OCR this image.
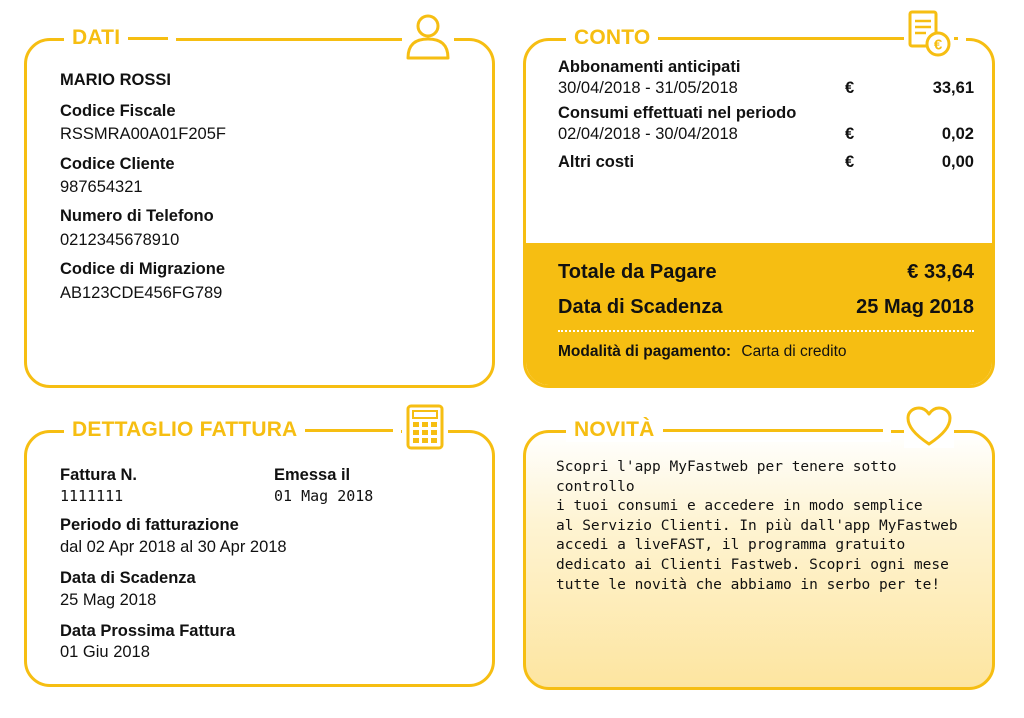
DATI
MARIO ROSSI
Codice Fiscale
RSSMRA00A01F205F
Codice Cliente
987654321
Numero di Telefono
0212345678910
Codice di Migrazione
AB123CDE456FG789
CONTO	€
Abbonamenti anticipati
30/04/2018 - 31/05/2018	€	33,61
Consumi effettuati nel periodo
02/04/2018 - 30/04/2018	€	0,02
Altri costi	€	0,00
Totale da Pagare	€ 33,64
Data di Scadenza	25 Mag 2018
Modalità di pagamento: Carta di credito
DETTAGLIO FATTURA
Fattura N.
1111111
Emessa il
01 Mag 2018
Periodo di fatturazione
dal 02 Apr 2018 al 30 Apr 2018
Data di Scadenza
25 Mag 2018
Data Prossima Fattura
01 Giu 2018
NOVITÀ
Scopri l'app MyFastweb per tenere sotto controllo
i tuoi consumi e accedere in modo semplice
al Servizio Clienti. In più dall'app MyFastweb
accedi a liveFAST, il programma gratuito
dedicato ai Clienti Fastweb. Scopri ogni mese
tutte le novità che abbiamo in serbo per te!
